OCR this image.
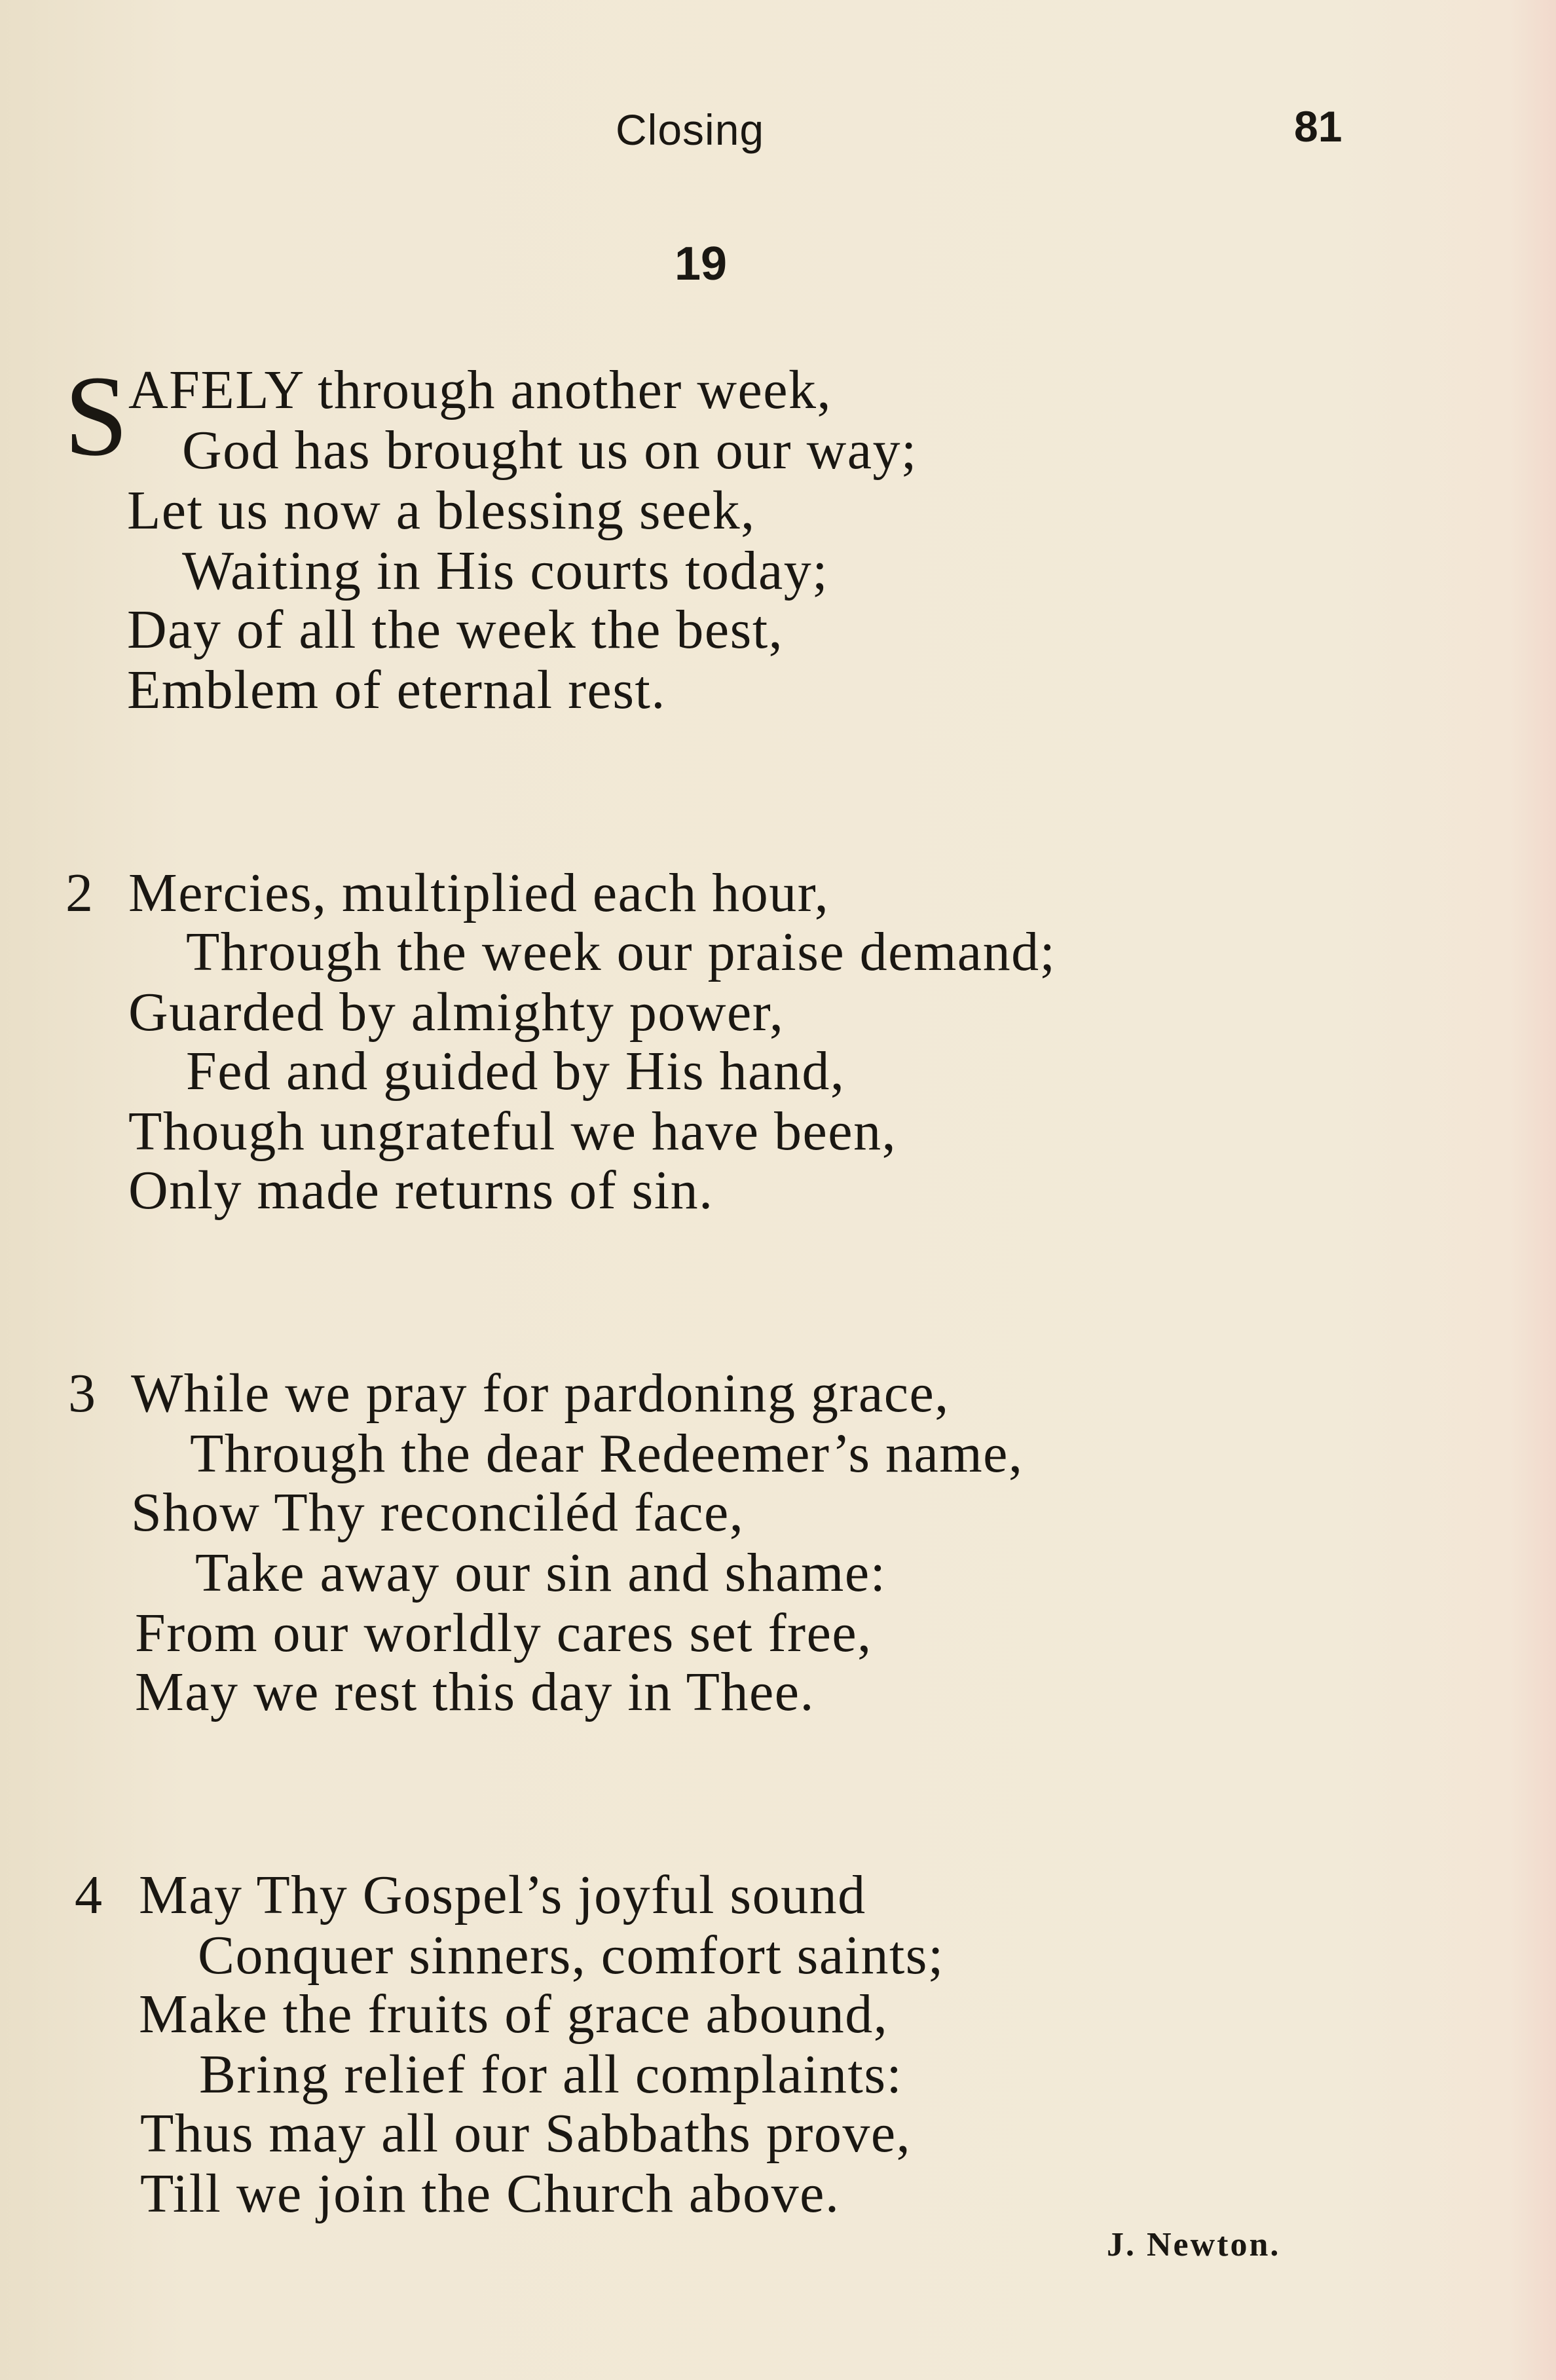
Closing	81
19
S AFELY through another week,
God has brought us on our way;
Let us now a blessing seek,
Waiting in His courts today;
Day of all the week the best,
Emblem of eternal rest.
2 Mercies, multiplied each hour,
Through the week our praise demand;
Guarded by almighty power,
Fed and guided by His hand,
Though ungrateful we have been,
Only made returns of sin.
3 While we pray for pardoning grace,
Through the dear Redeemer’s name,
Show Thy reconciléd face,
Take away our sin and shame:
From our worldly cares set free,
May we rest this day in Thee.
4 May Thy Gospel’s joyful sound
Conquer sinners, comfort saints;
Make the fruits of grace abound,
Bring relief for all complaints:
Thus may all our Sabbaths prove,
Till we join the Church above.
J. Newton.
